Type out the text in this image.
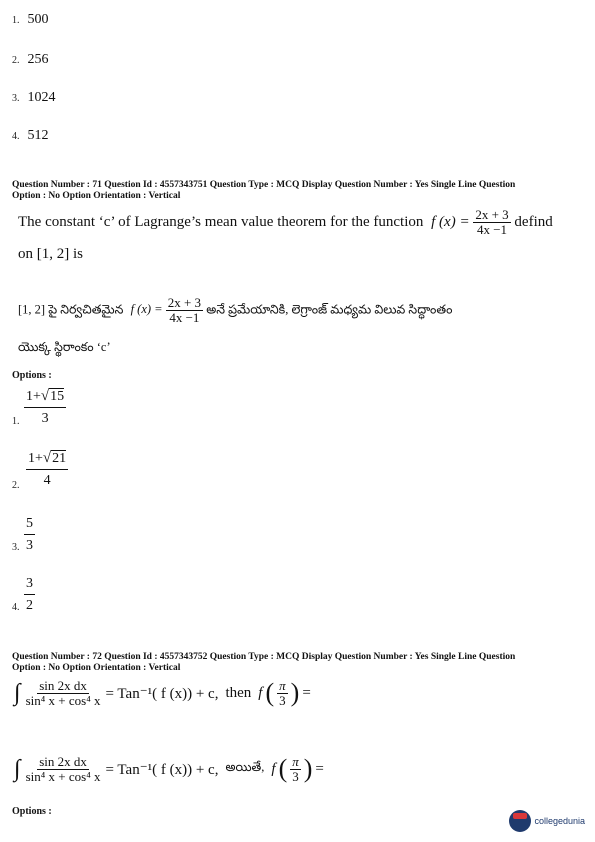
1. 500
2. 256
3. 1024
4. 512
Question Number : 71 Question Id : 4557343751 Question Type : MCQ Display Question Number : Yes Single Line Question
Option : No Option Orientation : Vertical
The constant ‘c’ of Lagrange’s mean value theorem for the function f $(x) = \frac{2x + 3}{4x -1}$ defind
on [1, 2] is
[1, 2] పై నిర్వచితమైన f $(x) = \frac{2x + 3}{4x -1}$ అనే ప్రమేయానికి, లెగ్రాంజ్ మధ్యమ విలువ సిద్ధాంతం
యొక్క స్థిరాంకం ‘c’
Options :
1. $\frac{1+√15}{3}$
2. $\frac{1+√21}{4}$
3. $\frac{5}{3}$
4. $\frac{3}{2}$
Question Number : 72 Question Id : 4557343752 Question Type : MCQ Display Question Number : Yes Single Line Question
Option : No Option Orientation : Vertical
∫ $\frac{\text{sin 2x dx}}{\text{sin⁴ x + cos⁴ x}} = Tan^{-1}$( f (x)) + c, then f ( $\frac{\pi}{3}$ ) =
∫ $\frac{\text{sin 2x dx}}{\text{sin⁴ x + cos⁴ x}} = Tan^{-1}$( f (x)) + c, అయితే, f ( $\frac{\pi}{3}$ ) =
Options :
collegedunia
